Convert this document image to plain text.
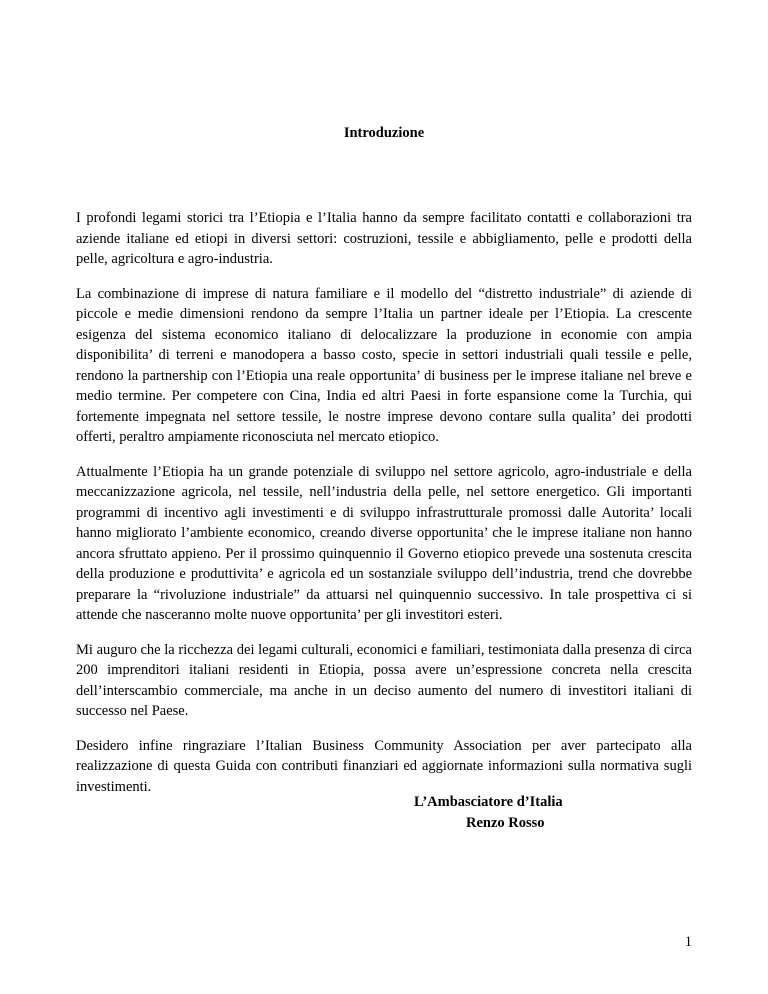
Introduzione

I profondi legami storici tra l’Etiopia e l’Italia hanno da sempre facilitato contatti e collaborazioni tra aziende italiane ed etiopi in diversi settori: costruzioni, tessile e abbigliamento, pelle e prodotti della pelle, agricoltura e agro-industria.

La combinazione di imprese di natura familiare e il modello del “distretto industriale” di aziende di piccole e medie dimensioni rendono da sempre l’Italia un partner ideale per l’Etiopia. La crescente esigenza del sistema economico italiano di delocalizzare la produzione in economie con ampia disponibilita’ di terreni e manodopera a basso costo, specie in settori industriali quali tessile e pelle, rendono la partnership con l’Etiopia una reale opportunita’ di business per le imprese italiane nel breve e medio termine. Per competere con Cina, India ed altri Paesi in forte espansione come la Turchia, qui fortemente impegnata nel settore tessile, le nostre imprese devono contare sulla qualita’ dei prodotti offerti, peraltro ampiamente riconosciuta nel mercato etiopico.

Attualmente l’Etiopia ha un grande potenziale di sviluppo nel settore agricolo, agro-industriale e della meccanizzazione agricola, nel tessile, nell’industria della pelle, nel settore energetico. Gli importanti programmi di incentivo agli investimenti e di sviluppo infrastrutturale promossi dalle Autorita’ locali hanno migliorato l’ambiente economico, creando diverse opportunita’ che le imprese italiane non hanno ancora sfruttato appieno. Per il prossimo quinquennio il Governo etiopico prevede una sostenuta crescita della produzione e produttivita’ e agricola ed un sostanziale sviluppo dell’industria, trend che dovrebbe preparare la “rivoluzione industriale” da attuarsi nel quinquennio successivo. In tale prospettiva ci si attende che nasceranno molte nuove opportunita’ per gli investitori esteri.

Mi auguro che la ricchezza dei legami culturali, economici e familiari, testimoniata dalla presenza di circa 200 imprenditori italiani residenti in Etiopia, possa avere un’espressione concreta nella crescita dell’interscambio commerciale, ma anche in un deciso aumento del numero di investitori italiani di successo nel Paese.

Desidero infine ringraziare l’Italian Business Community Association per aver partecipato alla realizzazione di questa Guida con contributi finanziari ed aggiornate informazioni sulla normativa sugli investimenti.

L’Ambasciatore d’Italia
Renzo Rosso
1
